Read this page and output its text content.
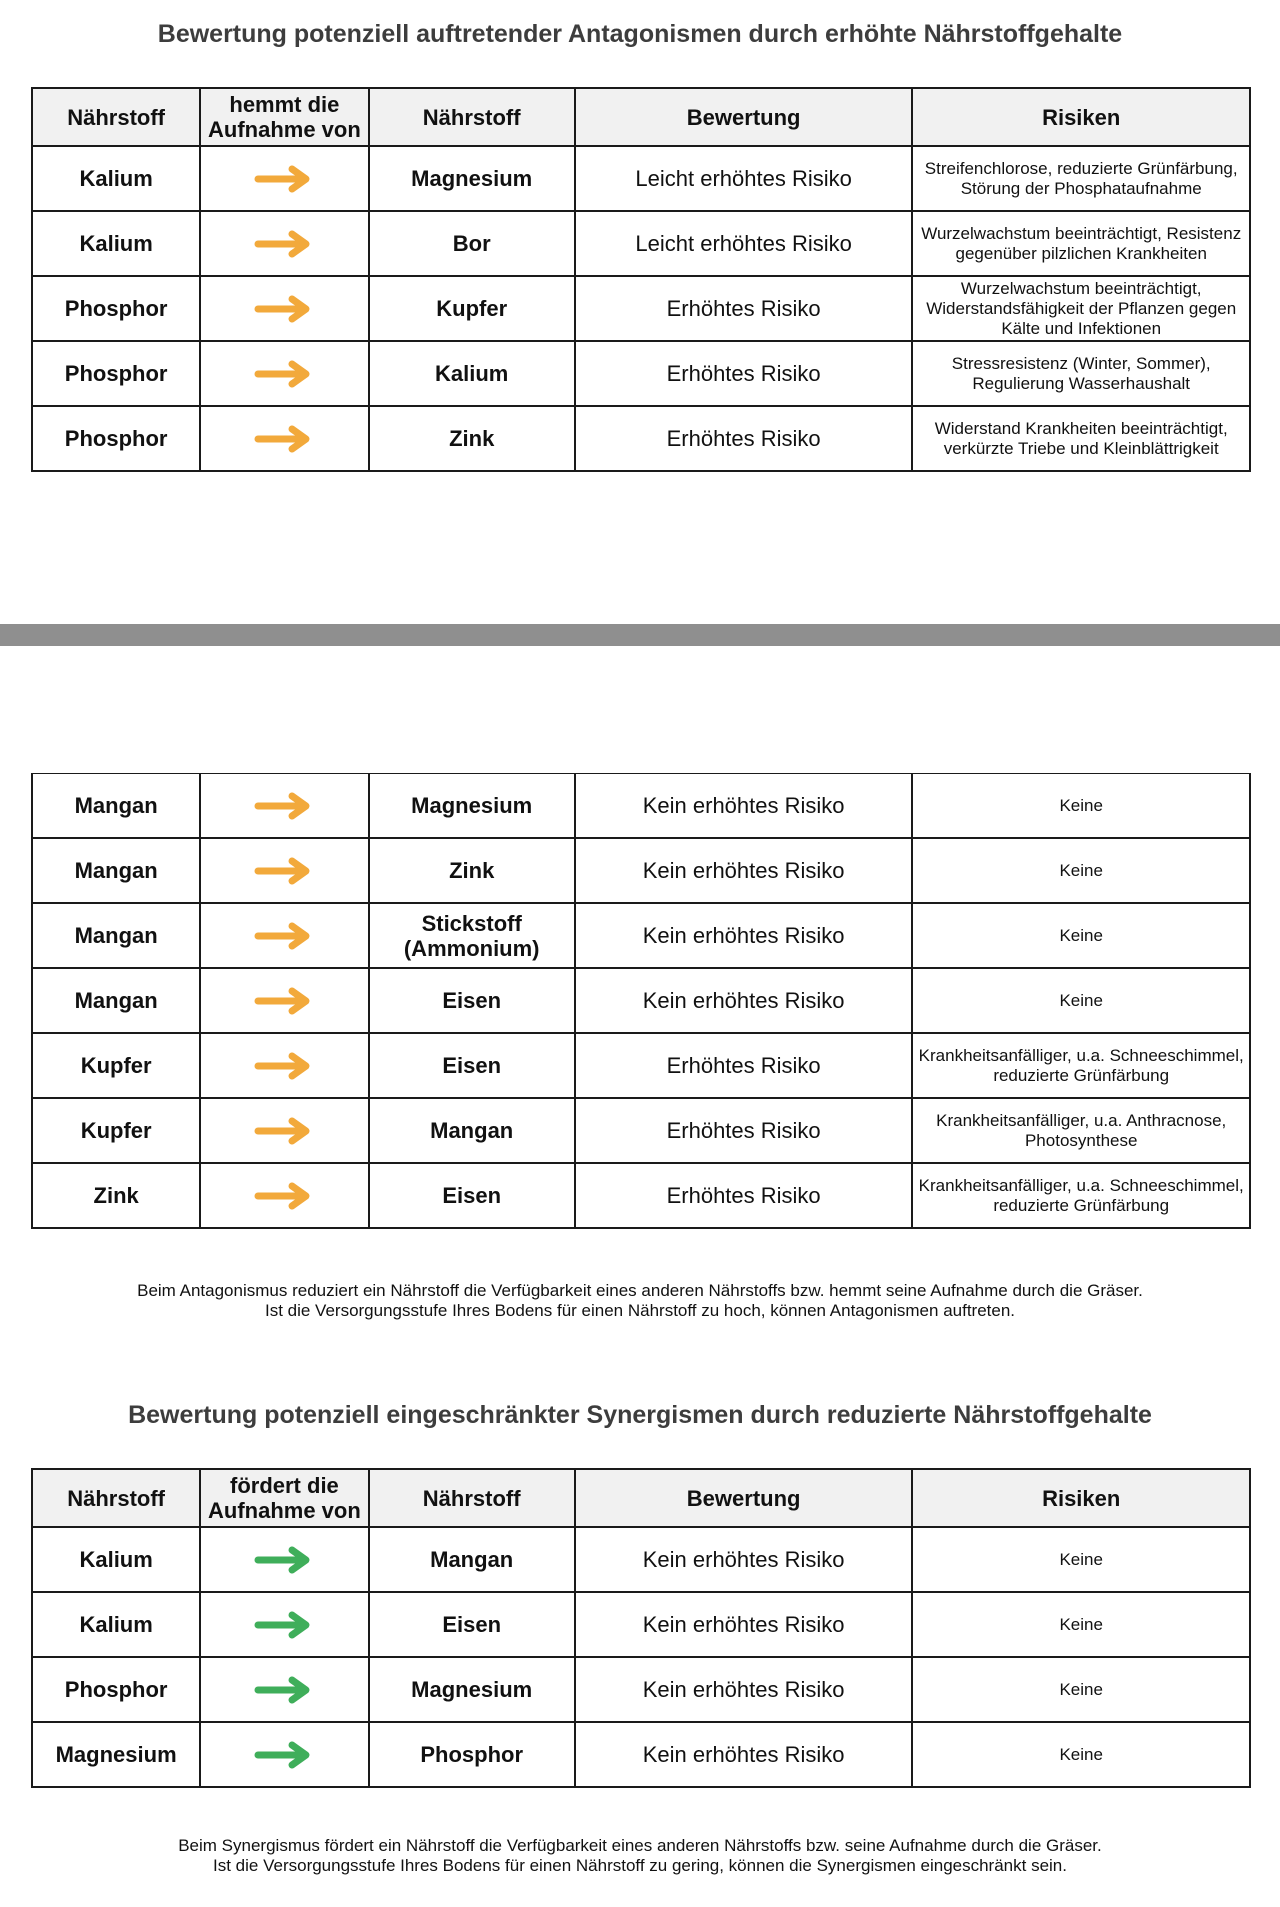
Bewertung potenziell auftretender Antagonismen durch erhöhte Nährstoffgehalte
Nährstoff	hemmt die Aufnahme von	Nährstoff	Bewertung	Risiken
Kalium		Magnesium	Leicht erhöhtes Risiko	Streifenchlorose, reduzierte Grünfärbung, Störung der Phosphataufnahme
Kalium		Bor	Leicht erhöhtes Risiko	Wurzelwachstum beeinträchtigt, Resistenz gegenüber pilzlichen Krankheiten
Phosphor		Kupfer	Erhöhtes Risiko	Wurzelwachstum beeinträchtigt, Widerstandsfähigkeit der Pflanzen gegen Kälte und Infektionen
Phosphor		Kalium	Erhöhtes Risiko	Stressresistenz (Winter, Sommer), Regulierung Wasserhaushalt
Phosphor		Zink	Erhöhtes Risiko	Widerstand Krankheiten beeinträchtigt, verkürzte Triebe und Kleinblättrigkeit
Mangan		Magnesium	Kein erhöhtes Risiko	Keine
Mangan		Zink	Kein erhöhtes Risiko	Keine
Mangan		Stickstoff (Ammonium)	Kein erhöhtes Risiko	Keine
Mangan		Eisen	Kein erhöhtes Risiko	Keine
Kupfer		Eisen	Erhöhtes Risiko	Krankheitsanfälliger, u.a. Schneeschimmel, reduzierte Grünfärbung
Kupfer		Mangan	Erhöhtes Risiko	Krankheitsanfälliger, u.a. Anthracnose, Photosynthese
Zink		Eisen	Erhöhtes Risiko	Krankheitsanfälliger, u.a. Schneeschimmel, reduzierte Grünfärbung

Beim Antagonismus reduziert ein Nährstoff die Verfügbarkeit eines anderen Nährstoffs bzw. hemmt seine Aufnahme durch die Gräser.
Ist die Versorgungsstufe Ihres Bodens für einen Nährstoff zu hoch, können Antagonismen auftreten.

Bewertung potenziell eingeschränkter Synergismen durch reduzierte Nährstoffgehalte
Nährstoff	fördert die Aufnahme von	Nährstoff	Bewertung	Risiken
Kalium		Mangan	Kein erhöhtes Risiko	Keine
Kalium		Eisen	Kein erhöhtes Risiko	Keine
Phosphor		Magnesium	Kein erhöhtes Risiko	Keine
Magnesium		Phosphor	Kein erhöhtes Risiko	Keine

Beim Synergismus fördert ein Nährstoff die Verfügbarkeit eines anderen Nährstoffs bzw. seine Aufnahme durch die Gräser.
Ist die Versorgungsstufe Ihres Bodens für einen Nährstoff zu gering, können die Synergismen eingeschränkt sein.
